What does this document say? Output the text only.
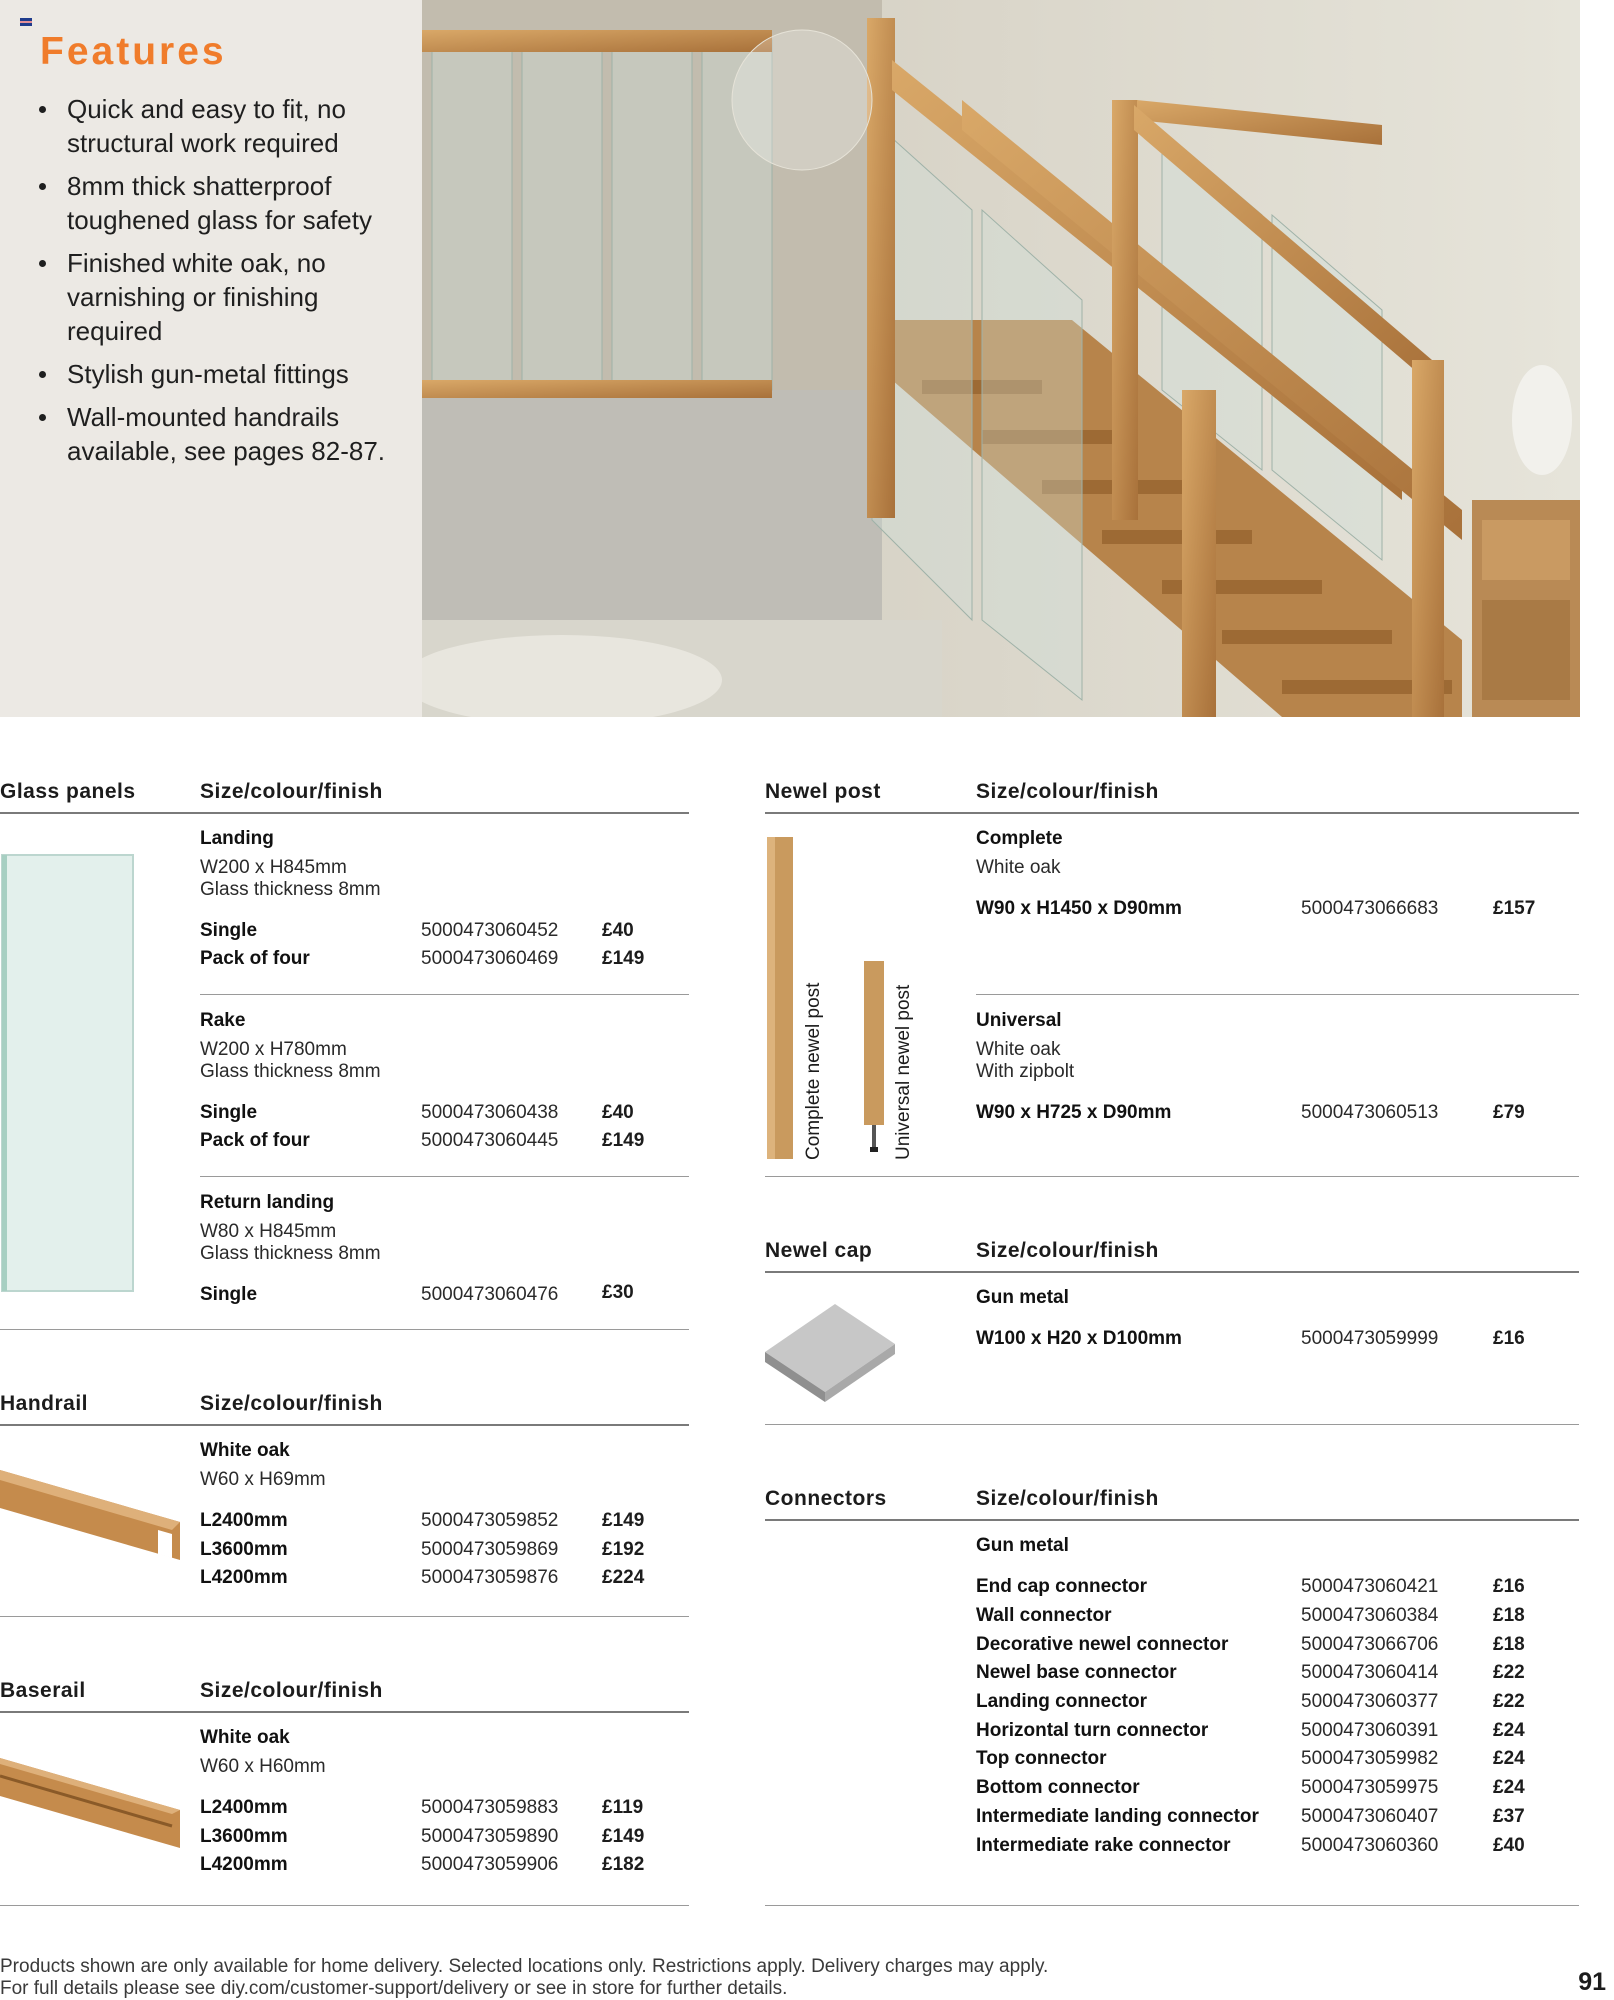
Features
Quick and easy to fit, no structural work required
8mm thick shatterproof toughened glass for safety
Finished white oak, no varnishing or finishing required
Stylish gun-metal fittings
Wall-mounted handrails available, see pages 82-87.
Glass panels	Size/colour/finish
Landing
W200 x H845mm
Glass thickness 8mm
Single	5000473060452 £40
Pack of four	5000473060469 £149
Rake
W200 x H780mm
Glass thickness 8mm
Single	5000473060438 £40
Pack of four	5000473060445 £149
Return landing
W80 x H845mm
Glass thickness 8mm
Single	5000473060476 £30
Handrail	Size/colour/finish
White oak
W60 x H69mm
L2400mm	5000473059852 £149
L3600mm	5000473059869 £192
L4200mm	5000473059876 £224
Baserail	Size/colour/finish
White oak
W60 x H60mm
L2400mm	5000473059883 £119
L3600mm	5000473059890 £149
L4200mm	5000473059906 £182
Newel post	Size/colour/finish
Complete newel post	Universal newel post
Complete
White oak
W90 x H1450 x D90mm	5000473066683	£157
Universal
White oak
With zipbolt
W90 x H725 x D90mm	5000473060513	£79
Newel cap	Size/colour/finish
Gun metal
W100 x H20 x D100mm	5000473059999	£16
Connectors	Size/colour/finish
Gun metal
End cap connector	5000473060421	£16
Wall connector	5000473060384	£18
Decorative newel connector	5000473066706	£18
Newel base connector	5000473060414	£22
Landing connector	5000473060377	£22
Horizontal turn connector	5000473060391	£24
Top connector	5000473059982	£24
Bottom connector	5000473059975	£24
Intermediate landing connector 5000473060407	£37
Intermediate rake connector	5000473060360	£40
Products shown are only available for home delivery. Selected locations only. Restrictions apply. Delivery charges may apply.
For full details please see diy.com/customer-support/delivery or see in store for further details.	91
